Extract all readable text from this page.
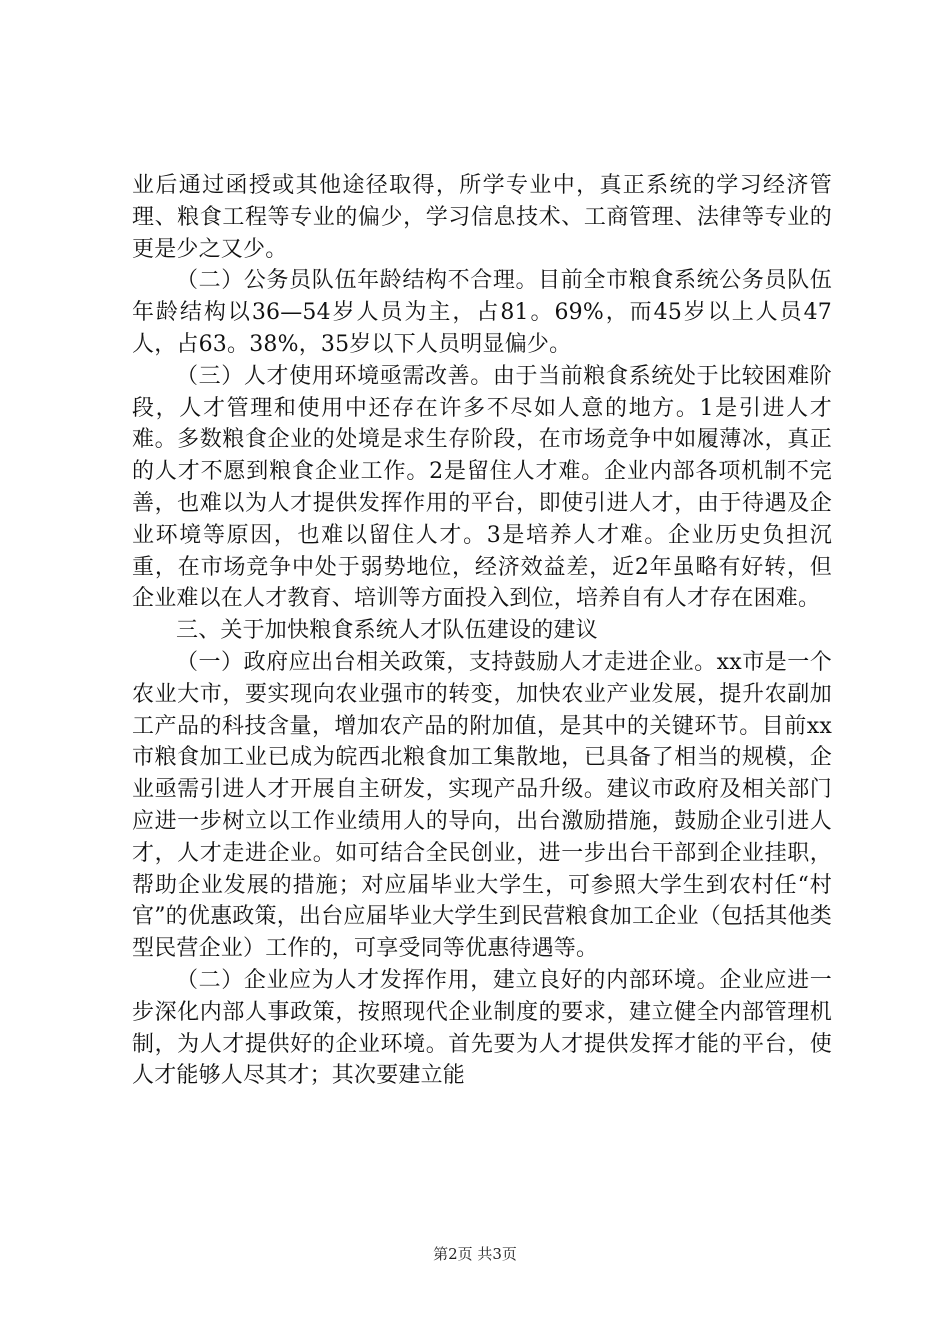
业后通过函授或其他途径取得，所学专业中，真正系统的学习经济管理、粮食工程等专业的偏少，学习信息技术、工商管理、法律等专业的更是少之又少。

（二）公务员队伍年龄结构不合理。目前全市粮食系统公务员队伍年龄结构以36—54岁人员为主，占81。69%，而45岁以上人员47人，占63。38%，35岁以下人员明显偏少。

（三）人才使用环境亟需改善。由于当前粮食系统处于比较困难阶段，人才管理和使用中还存在许多不尽如人意的地方。1是引进人才难。多数粮食企业的处境是求生存阶段，在市场竞争中如履薄冰，真正的人才不愿到粮食企业工作。2是留住人才难。企业内部各项机制不完善，也难以为人才提供发挥作用的平台，即使引进人才，由于待遇及企业环境等原因，也难以留住人才。3是培养人才难。企业历史负担沉重，在市场竞争中处于弱势地位，经济效益差，近2年虽略有好转，但企业难以在人才教育、培训等方面投入到位，培养自有人才存在困难。

三、关于加快粮食系统人才队伍建设的建议

（一）政府应出台相关政策，支持鼓励人才走进企业。xx市是一个农业大市，要实现向农业强市的转变，加快农业产业发展，提升农副加工产品的科技含量，增加农产品的附加值，是其中的关键环节。目前xx市粮食加工业已成为皖西北粮食加工集散地，已具备了相当的规模，企业亟需引进人才开展自主研发，实现产品升级。建议市政府及相关部门应进一步树立以工作业绩用人的导向，出台激励措施，鼓励企业引进人才，人才走进企业。如可结合全民创业，进一步出台干部到企业挂职，帮助企业发展的措施；对应届毕业大学生，可参照大学生到农村任“村官”的优惠政策，出台应届毕业大学生到民营粮食加工企业（包括其他类型民营企业）工作的，可享受同等优惠待遇等。

（二）企业应为人才发挥作用，建立良好的内部环境。企业应进一步深化内部人事政策，按照现代企业制度的要求，建立健全内部管理机制，为人才提供好的企业环境。首先要为人才提供发挥才能的平台，使人才能够人尽其才；其次要建立能

第2页 共3页
